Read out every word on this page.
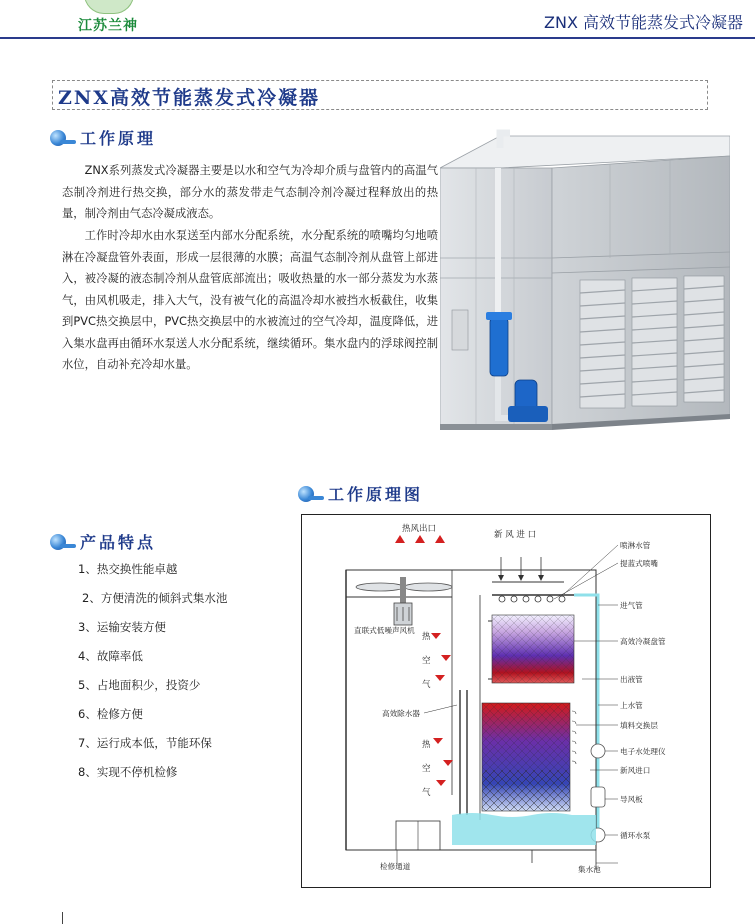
江苏兰神	ZNX 高效节能蒸发式冷凝器
ZNX高效节能蒸发式冷凝器
工作原理

ZNX系列蒸发式冷凝器主要是以水和空气为冷却介质与盘管内的高温气态制冷剂进行热交换，部分水的蒸发带走气态制冷剂冷凝过程释放出的热量，制冷剂由气态冷凝成液态。

工作时冷却水由水泵送至内部水分配系统，水分配系统的喷嘴均匀地喷淋在冷凝盘管外表面，形成一层很薄的水膜；高温气态制冷剂从盘管上部进入，被冷凝的液态制冷剂从盘管底部流出；吸收热量的水一部分蒸发为水蒸气，由风机吸走，排入大气，没有被气化的高温冷却水被挡水板截住，收集到PVC热交换层中，PVC热交换层中的水被流过的空气冷却，温度降低，进入集水盘再由循环水泵送人水分配系统，继续循环。集水盘内的浮球阀控制水位，自动补充冷却水量。

工作原理图
产品特点
1、热交换性能卓越
2、方便清洗的倾斜式集水池
3、运输安装方便
4、故障率低
5、占地面积少，投资少
6、检修方便
7、运行成本低，节能环保
8、实现不停机检修
热风出口
新 风 进 口
热
空
气
热
空
气
直联式低噪声风机
高效除水器
检修通道
喷淋水管
提蓝式喷嘴
进气管
高效冷凝盘管
出液管
上水管
填料交换层
电子水处理仪
新风进口
导风板
循环水泵
集水池
